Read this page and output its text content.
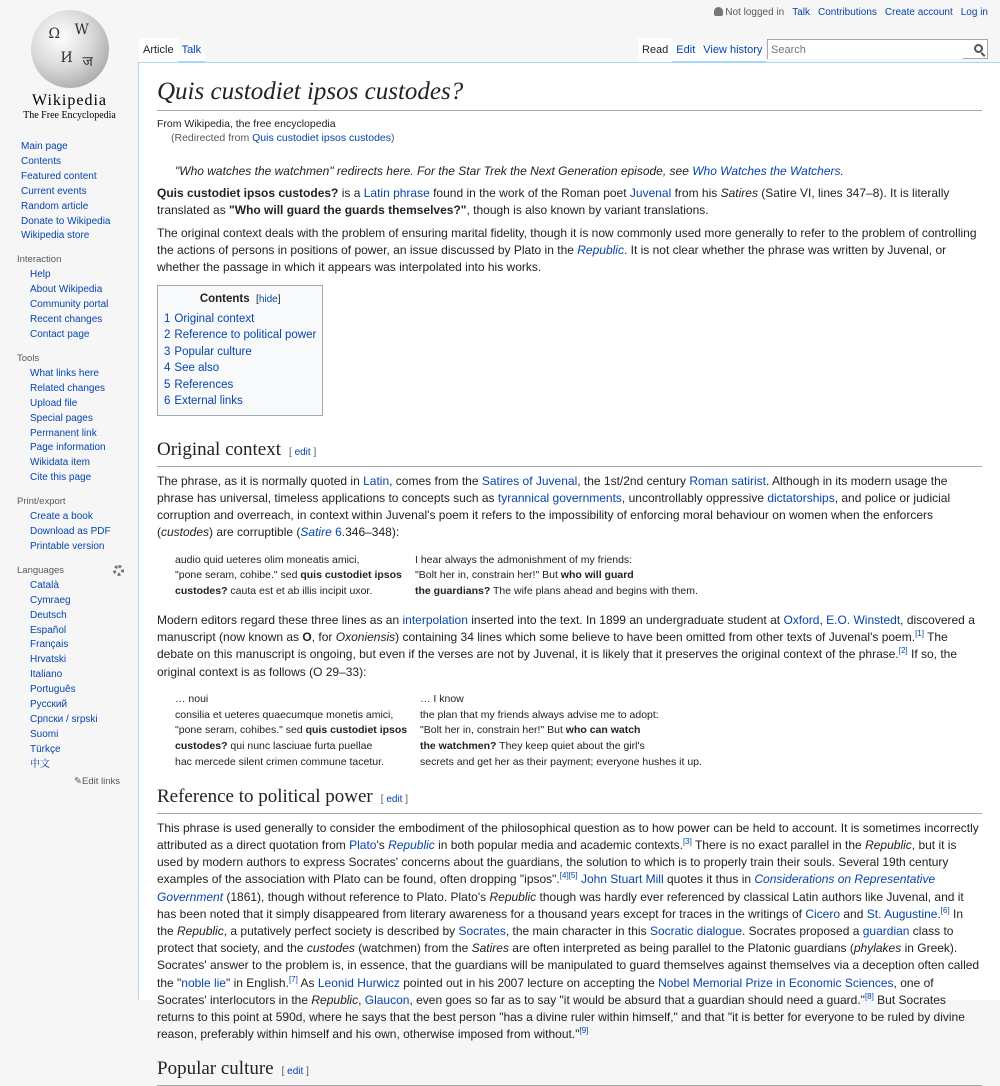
Ω W
И ज
Wikipedia
The Free Encyclopedia
Not logged in Talk Contributions Create account Log in
Article Talk	Read Edit View history
Search
Main page
Contents
Featured content
Current events
Random article
Donate to Wikipedia
Wikipedia store
Interaction
Help
About Wikipedia
Community portal
Recent changes
Contact page
Tools
What links here
Related changes
Upload file
Special pages
Permanent link
Page information
Wikidata item
Cite this page
Print/export
Create a book
Download as PDF
Printable version
Languages
Català
Cymraeg
Deutsch
Español
Français
Hrvatski
Italiano
Português
Русский
Српски / srpski
Suomi
Türkçe
中文
✎Edit links
Quis custodiet ipsos custodes?
From Wikipedia, the free encyclopedia
(Redirected from Quis custodiet ipsos custodes)
"Who watches the watchmen" redirects here. For the Star Trek the Next Generation episode, see Who Watches the Watchers.

Quis custodiet ipsos custodes? is a Latin phrase found in the work of the Roman poet Juvenal from his Satires (Satire VI, lines 347–8). It is literally translated as "Who will guard the guards themselves?", though is also known by variant translations.

The original context deals with the problem of ensuring marital fidelity, though it is now commonly used more generally to refer to the problem of controlling the actions of persons in positions of power, an issue discussed by Plato in the Republic. It is not clear whether the phrase was written by Juvenal, or whether the passage in which it appears was interpolated into his works.

Contents [hide]
1 Original context
2 Reference to political power
3 Popular culture
4 See also
5 References
6 External links
Original context [ edit ]

The phrase, as it is normally quoted in Latin, comes from the Satires of Juvenal, the 1st/2nd century Roman satirist. Although in its modern usage the phrase has universal, timeless applications to concepts such as tyrannical governments, uncontrollably oppressive dictatorships, and police or judicial corruption and overreach, in context within Juvenal's poem it refers to the impossibility of enforcing moral behaviour on women when the enforcers (custodes) are corruptible (Satire 6.346–348):

audio quid ueteres olim moneatis amici,
"pone seram, cohibe." sed quis custodiet ipsos
custodes? cauta est et ab illis incipit uxor.
I hear always the admonishment of my friends:
"Bolt her in, constrain her!" But who will guard
the guardians? The wife plans ahead and begins with them.

Modern editors regard these three lines as an interpolation inserted into the text. In 1899 an undergraduate student at Oxford, E.O. Winstedt, discovered a manuscript (now known as O, for Oxoniensis) containing 34 lines which some believe to have been omitted from other texts of Juvenal's poem.[1] The debate on this manuscript is ongoing, but even if the verses are not by Juvenal, it is likely that it preserves the original context of the phrase.[2] If so, the original context is as follows (O 29–33):

… noui
consilia et ueteres quaecumque monetis amici,
"pone seram, cohibes." sed quis custodiet ipsos
custodes? qui nunc lasciuae furta puellae
hac mercede silent crimen commune tacetur.
… I know
the plan that my friends always advise me to adopt:
"Bolt her in, constrain her!" But who can watch
the watchmen? They keep quiet about the girl's
secrets and get her as their payment; everyone hushes it up.
Reference to political power [ edit ]

This phrase is used generally to consider the embodiment of the philosophical question as to how power can be held to account. It is sometimes incorrectly attributed as a direct quotation from Plato's Republic in both popular media and academic contexts.[3] There is no exact parallel in the Republic, but it is used by modern authors to express Socrates' concerns about the guardians, the solution to which is to properly train their souls. Several 19th century examples of the association with Plato can be found, often dropping "ipsos".[4][5] John Stuart Mill quotes it thus in Considerations on Representative Government (1861), though without reference to Plato. Plato's Republic though was hardly ever referenced by classical Latin authors like Juvenal, and it has been noted that it simply disappeared from literary awareness for a thousand years except for traces in the writings of Cicero and St. Augustine.[6] In the Republic, a putatively perfect society is described by Socrates, the main character in this Socratic dialogue. Socrates proposed a guardian class to protect that society, and the custodes (watchmen) from the Satires are often interpreted as being parallel to the Platonic guardians (phylakes in Greek). Socrates' answer to the problem is, in essence, that the guardians will be manipulated to guard themselves against themselves via a deception often called the "noble lie" in English.[7] As Leonid Hurwicz pointed out in his 2007 lecture on accepting the Nobel Memorial Prize in Economic Sciences, one of Socrates' interlocutors in the Republic, Glaucon, even goes so far as to say "it would be absurd that a guardian should need a guard."[8] But Socrates returns to this point at 590d, where he says that the best person "has a divine ruler within himself," and that "it is better for everyone to be ruled by divine reason, preferably within himself and his own, otherwise imposed from without."[9]

Popular culture [ edit ]
